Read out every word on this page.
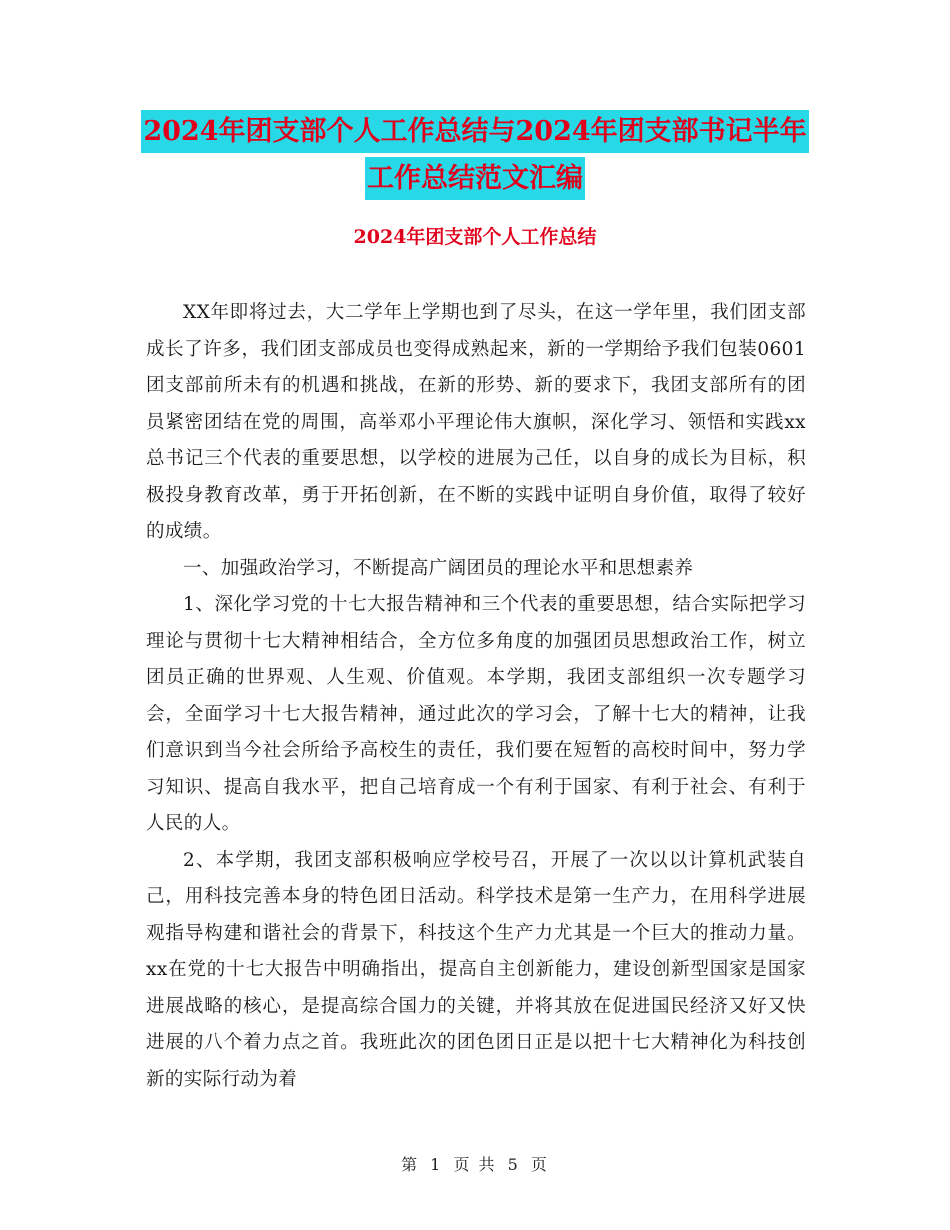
2024年团支部个人工作总结与2024年团支部书记半年
工作总结范文汇编
2024年团支部个人工作总结

XX年即将过去，大二学年上学期也到了尽头，在这一学年里，我们团支部成长了许多，我们团支部成员也变得成熟起来，新的一学期给予我们包装0601团支部前所未有的机遇和挑战，在新的形势、新的要求下，我团支部所有的团员紧密团结在党的周围，高举邓小平理论伟大旗帜，深化学习、领悟和实践xx总书记三个代表的重要思想，以学校的进展为己任，以自身的成长为目标，积极投身教育改革，勇于开拓创新，在不断的实践中证明自身价值，取得了较好的成绩。

一、加强政治学习，不断提高广阔团员的理论水平和思想素养

1、深化学习党的十七大报告精神和三个代表的重要思想，结合实际把学习理论与贯彻十七大精神相结合，全方位多角度的加强团员思想政治工作，树立团员正确的世界观、人生观、价值观。本学期，我团支部组织一次专题学习会，全面学习十七大报告精神，通过此次的学习会，了解十七大的精神，让我们意识到当今社会所给予高校生的责任，我们要在短暂的高校时间中，努力学习知识、提高自我水平，把自己培育成一个有利于国家、有利于社会、有利于人民的人。

2、本学期，我团支部积极响应学校号召，开展了一次以以计算机武装自己，用科技完善本身的特色团日活动。科学技术是第一生产力，在用科学进展观指导构建和谐社会的背景下，科技这个生产力尤其是一个巨大的推动力量。xx在党的十七大报告中明确指出，提高自主创新能力，建设创新型国家是国家进展战略的核心，是提高综合国力的关键，并将其放在促进国民经济又好又快进展的八个着力点之首。我班此次的团色团日正是以把十七大精神化为科技创新的实际行动为着

第 1 页 共 5 页
